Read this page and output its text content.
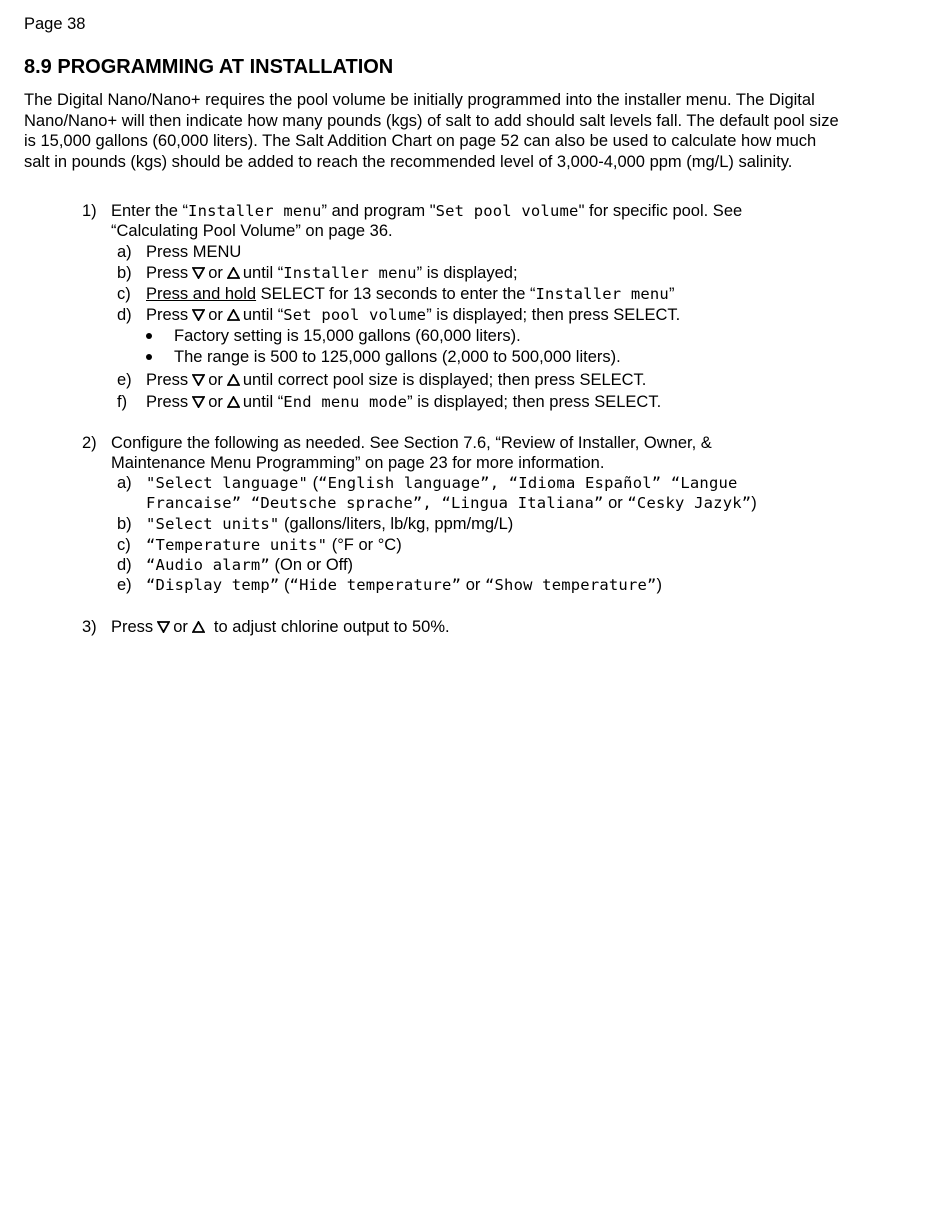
Page 38
8.9 PROGRAMMING AT INSTALLATION

The Digital Nano/Nano+ requires the pool volume be initially programmed into the installer menu. The Digital Nano/Nano+ will then indicate how many pounds (kgs) of salt to add should salt levels fall. The default pool size is 15,000 gallons (60,000 liters). The Salt Addition Chart on page 52 can also be used to calculate how much salt in pounds (kgs) should be added to reach the recommended level of 3,000-4,000 ppm (mg/L) salinity.

1) Enter the “Installer menu” and program "Set pool volume" for specific pool. See
“Calculating Pool Volume” on page 36.
a) Press MENU
b) Press or until “Installer menu” is displayed;
c) Press and hold SELECT for 13 seconds to enter the “Installer menu”
d) Press or until “Set pool volume” is displayed; then press SELECT.
Factory setting is 15,000 gallons (60,000 liters).
The range is 500 to 125,000 gallons (2,000 to 500,000 liters).
e) Press or until correct pool size is displayed; then press SELECT.
f) Press or until “End menu mode” is displayed; then press SELECT.
2) Configure the following as needed. See Section 7.6, “Review of Installer, Owner, &
Maintenance Menu Programming” on page 23 for more information.
a) "Select language" (“English language”, “Idioma Español” “Langue
Francaise” “Deutsche sprache”, “Lingua Italiana” or “Cesky Jazyk”)
b) "Select units" (gallons/liters, lb/kg, ppm/mg/L)
c) “Temperature units" (°F or °C)
d) “Audio alarm” (On or Off)
e) “Display temp” (“Hide temperature” or “Show temperature”)
3) Press or to adjust chlorine output to 50%.
